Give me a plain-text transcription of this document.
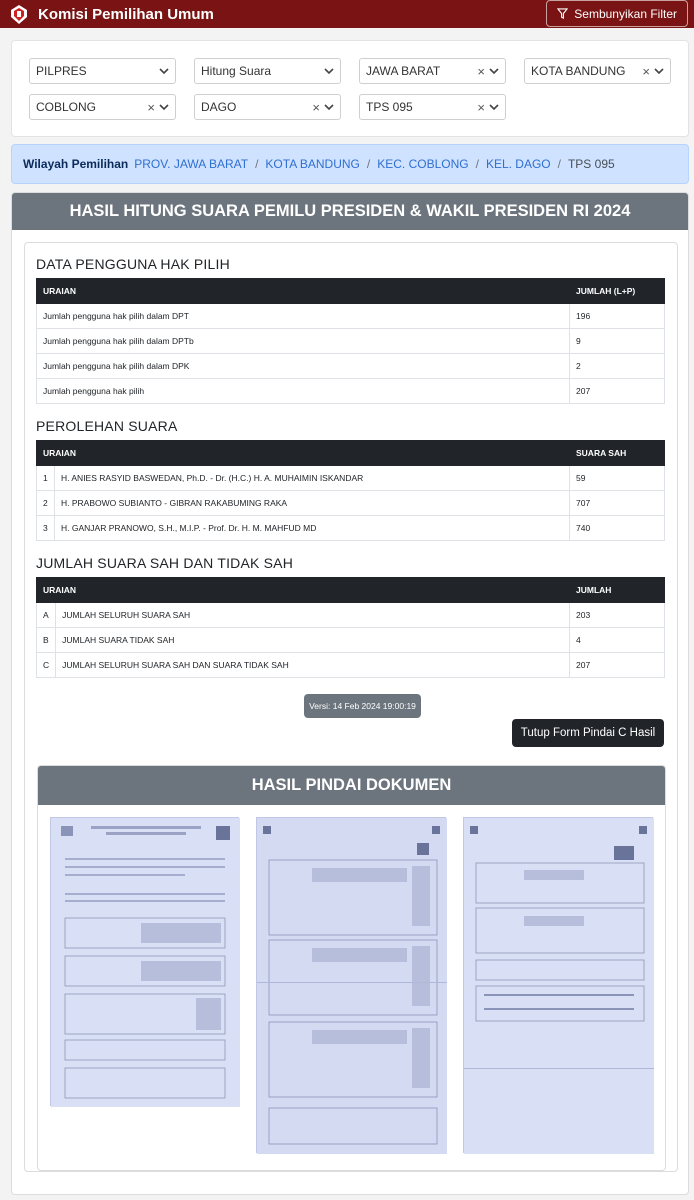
Komisi Pemilihan Umum	Sembunyikan Filter
PILPRES	Hitung Suara	JAWA BARAT	×	KOTA BANDUNG ×
COBLONG	×	DAGO	×	TPS 095	×
Wilayah Pemilihan PROV. JAWA BARAT / KOTA BANDUNG / KEC. COBLONG / KEL. DAGO / TPS 095
HASIL HITUNG SUARA PEMILU PRESIDEN & WAKIL PRESIDEN RI 2024
DATA PENGGUNA HAK PILIH
URAIAN	JUMLAH (L+P)
Jumlah pengguna hak pilih dalam DPT	196
Jumlah pengguna hak pilih dalam DPTb	9
Jumlah pengguna hak pilih dalam DPK	2
Jumlah pengguna hak pilih	207
PEROLEHAN SUARA
URAIAN		SUARA SAH
1	H. ANIES RASYID BASWEDAN, Ph.D. - Dr. (H.C.) H. A. MUHAIMIN ISKANDAR	59
2	H. PRABOWO SUBIANTO - GIBRAN RAKABUMING RAKA	707
3	H. GANJAR PRANOWO, S.H., M.I.P. - Prof. Dr. H. M. MAHFUD MD	740
JUMLAH SUARA SAH DAN TIDAK SAH
URAIAN		JUMLAH
A	JUMLAH SELURUH SUARA SAH	203
B	JUMLAH SUARA TIDAK SAH	4
C	JUMLAH SELURUH SUARA SAH DAN SUARA TIDAK SAH	207
Versi: 14 Feb 2024 19:00:19
Tutup Form Pindai C Hasil
HASIL PINDAI DOKUMEN
